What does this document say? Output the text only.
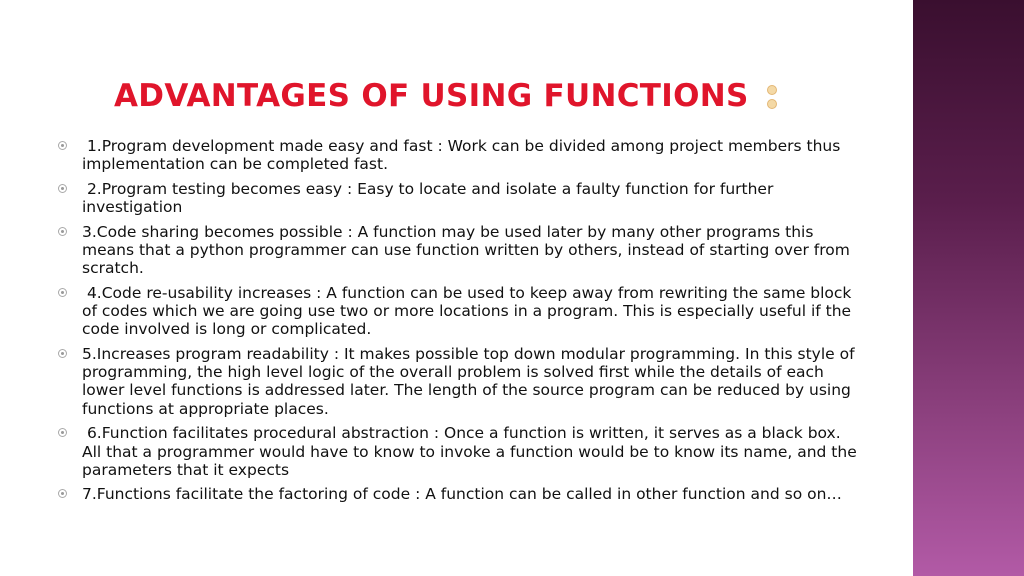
ADVANTAGES OF USING FUNCTIONS
1.Program development made easy and fast : Work can be divided among project members thus implementation can be completed fast.
2.Program testing becomes easy : Easy to locate and isolate a faulty function for further investigation
3.Code sharing becomes possible : A function may be used later by many other programs this means that a python programmer can use function written by others, instead of starting over from scratch.
4.Code re-usability increases : A function can be used to keep away from rewriting the same block of codes which we are going use two or more locations in a program. This is especially useful if the code involved is long or complicated.
5.Increases program readability : It makes possible top down modular programming. In this style of programming, the high level logic of the overall problem is solved first while the details of each lower level functions is addressed later. The length of the source program can be reduced by using functions at appropriate places.
6.Function facilitates procedural abstraction : Once a function is written, it serves as a black box. All that a programmer would have to know to invoke a function would be to know its name, and the parameters that it expects
7.Functions facilitate the factoring of code : A function can be called in other function and so on…
